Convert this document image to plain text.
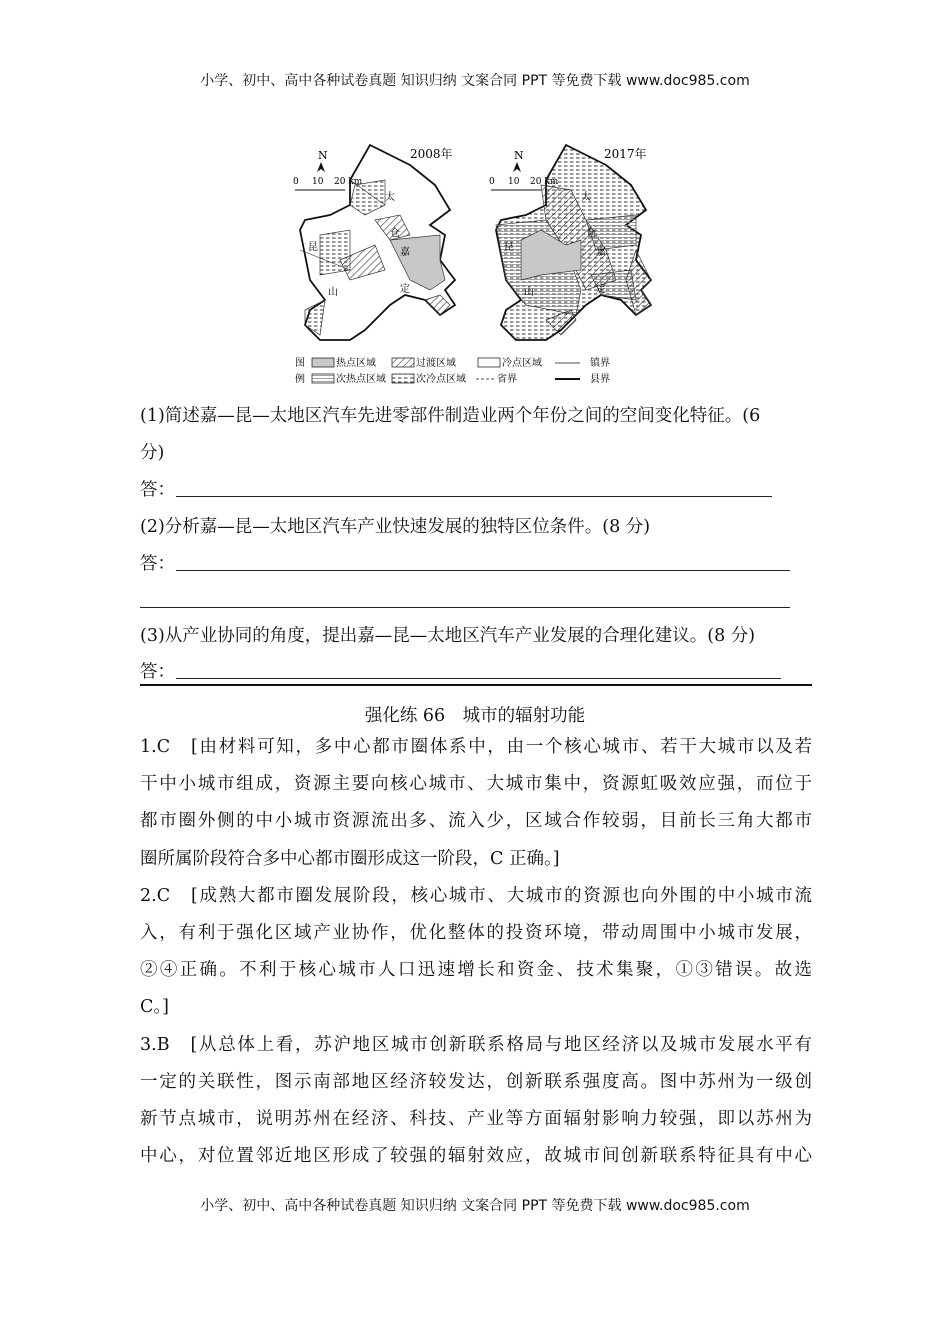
小学、初中、高中各种试卷真题 知识归纳 文案合同 PPT 等免费下载 www.doc985.com
N
0 10 20 km
2008年
太
仓
嘉
定
昆
山
N
0 10 20 km
2017年
太
仓
嘉
定
昆
山
图
例
热点区域	过渡区域	冷点区域	镇界
次热点区域	次冷点区域	省界	县界
(1)简述嘉—昆—太地区汽车先进零部件制造业两个年份之间的空间变化特征。(6
分)
答：
(2)分析嘉—昆—太地区汽车产业快速发展的独特区位条件。(8 分)
答：
(3)从产业协同的角度，提出嘉—昆—太地区汽车产业发展的合理化建议。(8 分)
答：
强化练 66　城市的辐射功能
1.C　[由材料可知，多中心都市圈体系中，由一个核心城市、若干大城市以及若
干中小城市组成，资源主要向核心城市、大城市集中，资源虹吸效应强，而位于
都市圈外侧的中小城市资源流出多、流入少，区域合作较弱，目前长三角大都市
圈所属阶段符合多中心都市圈形成这一阶段，C 正确。]
2.C　[成熟大都市圈发展阶段，核心城市、大城市的资源也向外围的中小城市流
入，有利于强化区域产业协作，优化整体的投资环境，带动周围中小城市发展，
②④正确。不利于核心城市人口迅速增长和资金、技术集聚，①③错误。故选
C。]
3.B　[从总体上看，苏沪地区城市创新联系格局与地区经济以及城市发展水平有
一定的关联性，图示南部地区经济较发达，创新联系强度高。图中苏州为一级创
新节点城市，说明苏州在经济、科技、产业等方面辐射影响力较强，即以苏州为
中心，对位置邻近地区形成了较强的辐射效应，故城市间创新联系特征具有中心
小学、初中、高中各种试卷真题 知识归纳 文案合同 PPT 等免费下载 www.doc985.com
